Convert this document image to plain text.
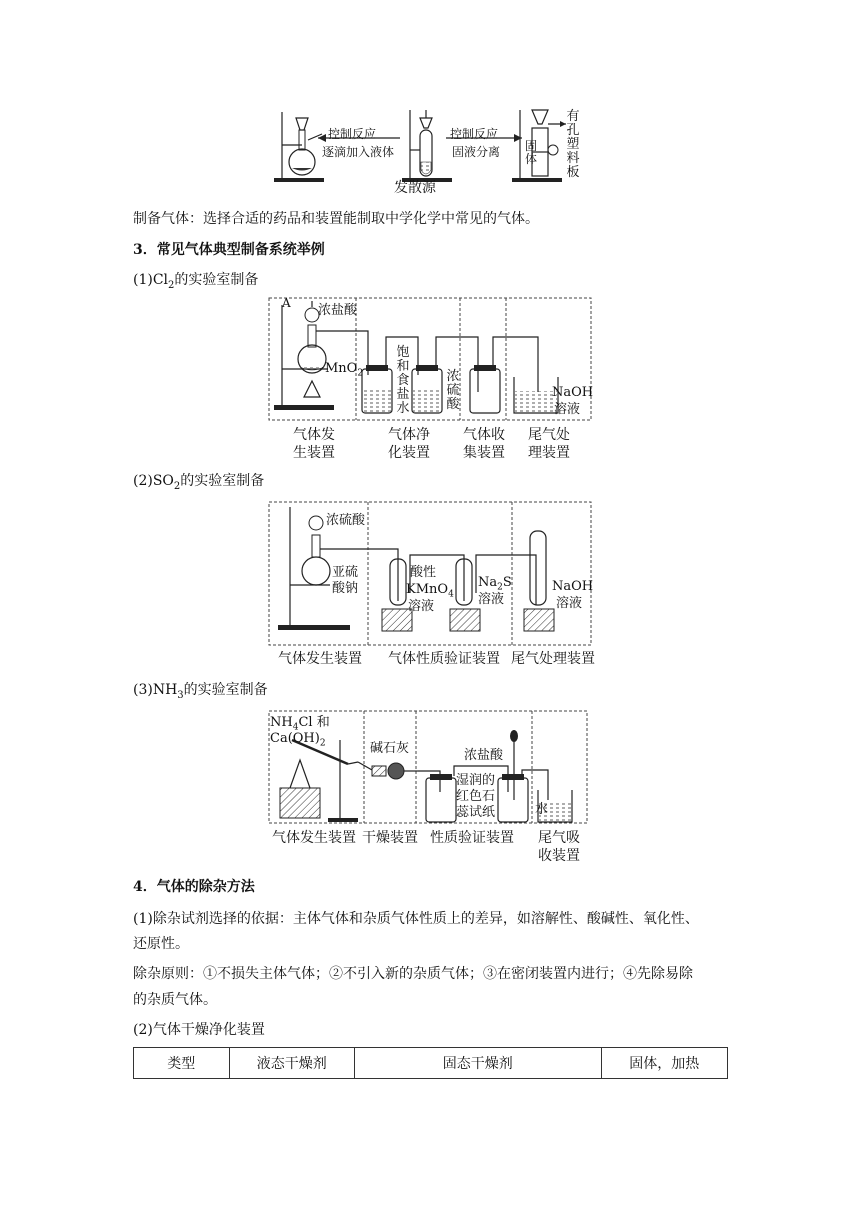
控制反应
逐滴加入液体
控制反应
固液分离
发散源
固体
有孔塑料板
制备气体：选择合适的药品和装置能制取中学化学中常见的气体。
3．常见气体典型制备系统举例
$(1)Cl_2$的实验室制备
A 浓盐酸
MnO$_2$
饱和食盐水
浓硫酸
NaOH
溶液
气体发
生装置
气体净
化装置
气体收
集装置
尾气处
理装置
$(2)SO_2$的实验室制备
浓硫酸
亚硫
酸钠
酸性
KMnO$_4$
溶液
$Na_2S$
溶液
NaOH
溶液
气体发生装置 气体性质验证装置 尾气处理装置
$(3)NH_3$的实验室制备
$NH_4Cl$ 和
$Ca(OH)_2$	碱石灰	浓盐酸
湿润的
红色石
蕊试纸	水
气体发生装置 干燥装置 性质验证装置 尾气吸
收装置
4．气体的除杂方法
(1)除杂试剂选择的依据：主体气体和杂质气体性质上的差异，如溶解性、酸碱性、氧化性、
还原性。
除杂原则：①不损失主体气体；②不引入新的杂质气体；③在密闭装置内进行；④先除易除
的杂质气体。
(2)气体干燥净化装置
类型	液态干燥剂	固态干燥剂	固体，加热
